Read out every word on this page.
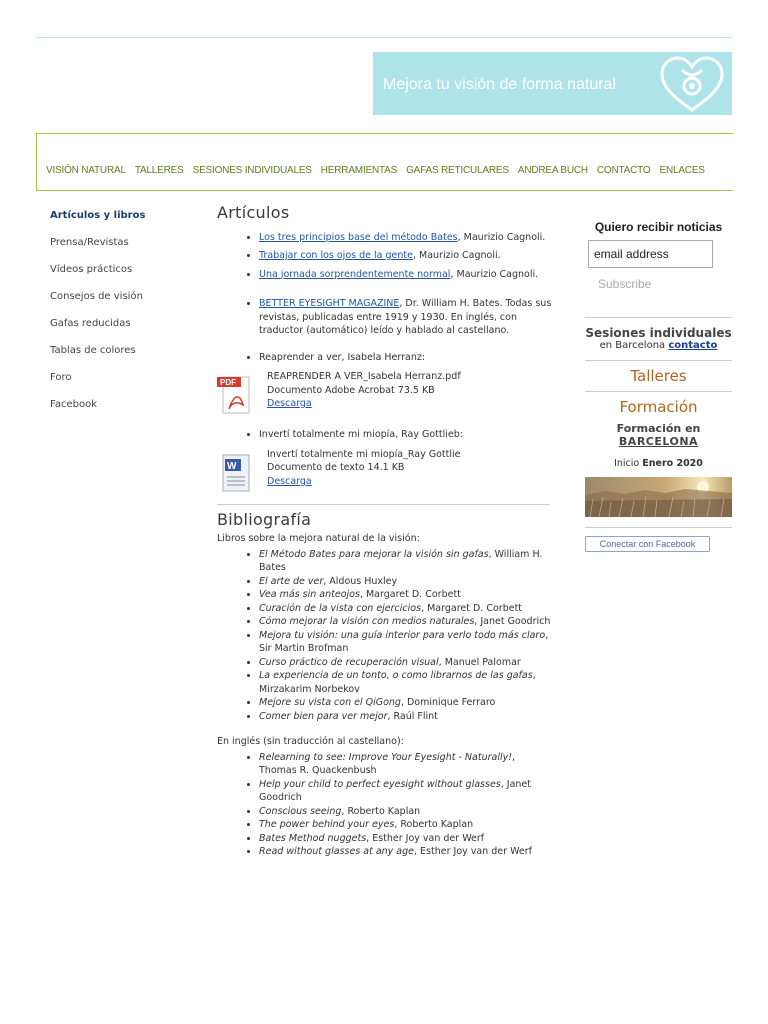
Mejora tu visión de forma natural
VISIÓN NATURAL TALLERES SESIONES INDIVIDUALES HERRAMIENTAS GAFAS RETICULARES ANDREA BUCH CONTACTO ENLACES
Artículos y libros
Prensa/Revistas
Vídeos prácticos
Consejos de visión
Gafas reducidas
Tablas de colores
Foro
Facebook
Artículos
• Los tres principios base del método Bates, Maurizio Cagnoli.
• Trabajar con los ojos de la gente, Maurizio Cagnoli.
• Una jornada sorprendentemente normal, Maurizio Cagnoli.
• BETTER EYESIGHT MAGAZINE, Dr. William H. Bates. Todas sus revistas, publicadas entre 1919 y 1930. En inglés, con traductor (automático) leído y hablado al castellano.
• Reaprender a ver, Isabela Herranz:
PDF
REAPRENDER A VER_Isabela Herranz.pdf
Documento Adobe Acrobat 73.5 KB
Descarga
• Invertí totalmente mi miopía, Ray Gottlieb:
W
Invertí totalmente mi miopía_Ray Gottlie
Documento de texto 14.1 KB
Descarga
Bibliografía
Libros sobre la mejora natural de la visión:
• El Método Bates para mejorar la visión sin gafas, William H. Bates
• El arte de ver, Aldous Huxley
• Vea más sin anteojos, Margaret D. Corbett
• Curación de la vista con ejercicios, Margaret D. Corbett
• Cómo mejorar la visión con medios naturales, Janet Goodrich
• Mejora tu visión: una guía interior para verlo todo más claro, Sir Martin Brofman
• Curso práctico de recuperación visual, Manuel Palomar
• La experiencia de un tonto, o como librarnos de las gafas, Mirzakarim Norbekov
• Mejore su vista con el QiGong, Dominique Ferraro
• Comer bien para ver mejor, Raúl Flint
En inglés (sin traducción al castellano):
• Relearning to see: Improve Your Eyesight - Naturally!, Thomas R. Quackenbush
• Help your child to perfect eyesight without glasses, Janet Goodrich
• Conscious seeing, Roberto Kaplan
• The power behind your eyes, Roberto Kaplan
• Bates Method nuggets, Esther Joy van der Werf
• Read without glasses at any age, Esther Joy van der Werf
Quiero recibir noticias
email address
Subscribe
Sesiones individuales
en Barcelona contacto
Talleres
Formación
Formación en
BARCELONA
Inicio Enero 2020
Conectar con Facebook
